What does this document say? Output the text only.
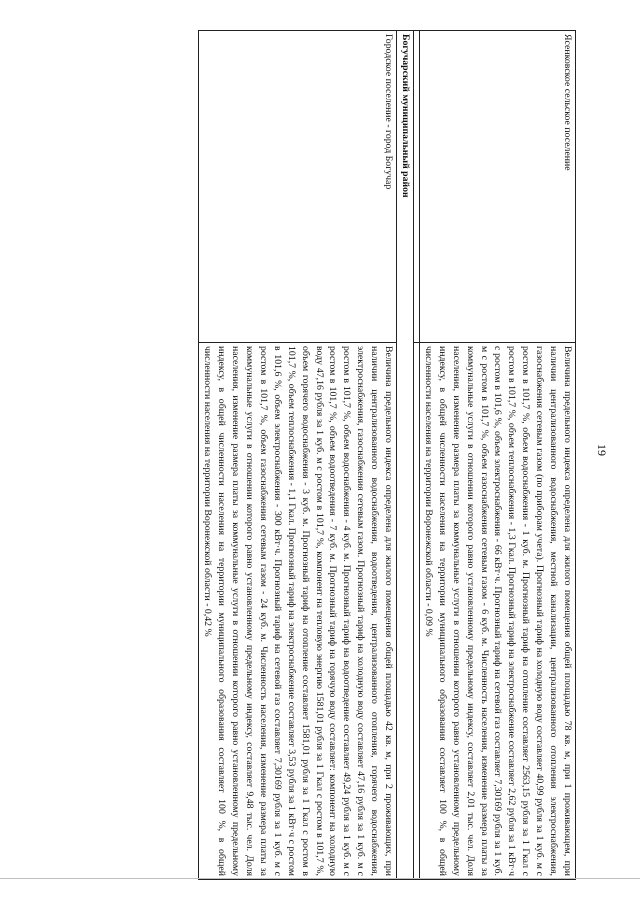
19
Ясенковское сельское поселение	Величина предельного индекса определена для жилого помещения общей площадью 78 кв. м, при 1 проживающем, при наличии централизованного водоснабжения, местной канализации, централизованного отопления электроснабжения, газоснабжения сетевым газом (по приборам учета). Прогнозный тариф на холодную воду составляет 40,99 рубля за 1 куб. м с ростом в 101,7 %, объем водоснабжения - 1 куб. м. Прогнозный тариф на отопление составляет 2563,15 рубля за 1 Гкал с ростом в 101,7 %, объем теплоснабжения - 1,3 Гкал. Прогнозный тариф на электроснабжение составляет 2,62 рубля за 1 кВт·ч с ростом в 101,6 %, объем электроснабжения - 66 кВт·ч. Прогнозный тариф на сетевой газ составляет 7,30169 рубля за 1 куб. м с ростом в 101,7 %, объем газоснабжения сетевым газом - 6 куб. м. Численность населения, изменение размера платы за коммунальные услуги в отношении которого равно установленному предельному индексу, составляет 2,01 тыс. чел. Доля населения, изменение размера платы за коммунальные услуги в отношении которого равно установленному предельному индексу, в общей численности населения на территории муниципального образования составляет 100 %, в общей численности населения на территории Воронежской области - 0,09 %

Богучарский муниципальный район	
Городское поселение - город Богучар	Величина предельного индекса определена для жилого помещения общей площадью 42 кв. м, при 2 проживающих, при наличии централизованного водоснабжения, водоотведения, централизованного отопления, горячего водоснабжения, электроснабжения, газоснабжения сетевым газом. Прогнозный тариф на холодную воду составляет 47,16 рубля за 1 куб. м с ростом в 101,7 %, объем водоснабжения - 4 куб. м. Прогнозный тариф на водоотведение составляет 49,24 рубля за 1 куб. м с ростом в 101,7 %, объем водоотведения - 7 куб. м. Прогнозный тариф на горячую воду составляет: компонент на холодную воду 47,16 рубля за 1 куб. м с ростом в 101,7 %, компонент на тепловую энергию 1581,01 рубля за 1 Гкал с ростом в 101,7 %, объем горячего водоснабжения - 3 куб. м. Прогнозный тариф на отопление составляет 1581,01 рубля за 1 Гкал с ростом в 101,7 %, объем теплоснабжения - 1,1 Гкал. Прогнозный тариф на электроснабжение составляет 3,53 рубля за 1 кВт·ч с ростом в 101,6 %, объем электроснабжения - 300 кВт·ч. Прогнозный тариф на сетевой газ составляет 7,30169 рубля за 1 куб. м с ростом в 101,7 %, объем газоснабжения сетевым газом - 24 куб. м. Численность населения, изменение размера платы за коммунальные услуги в отношении которого равно установленному предельному индексу, составляет 9,48 тыс. чел. Доля населения, изменение размера платы за коммунальные услуги в отношении которого равно установленному предельному индексу, в общей численности населения на территории муниципального образования составляет 100 %, в общей численности населения на территории Воронежской области - 0,42 %
